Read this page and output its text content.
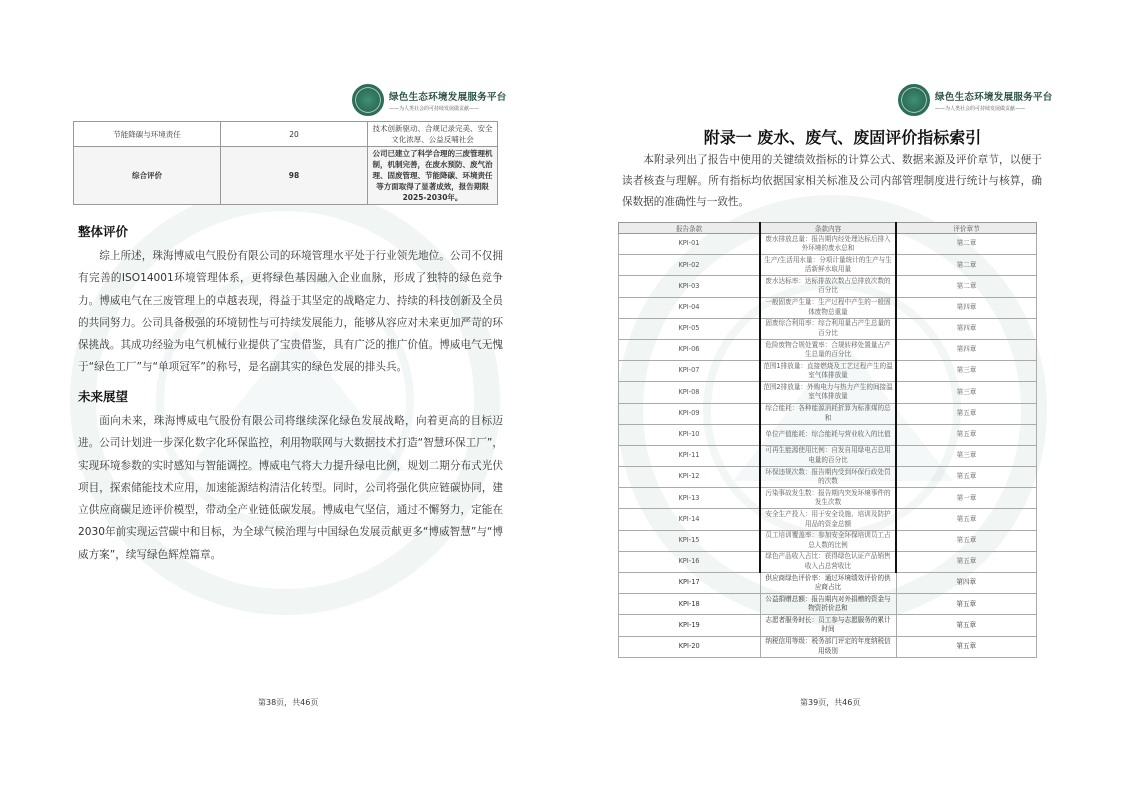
绿色生态环境发展服务平台
——为人类社会的可持续发展做贡献——
节能降碳与环境责任	20	技术创新驱动、合规记录完美、安全文化浓厚、公益反哺社会
综合评价	98	公司已建立了科学合理的三废管理机制，机制完善，在废水预防、废气治理、固废管理、节能降碳、环境责任等方面取得了显著成效，报告期限2025-2030年。
整体评价

综上所述，珠海博威电气股份有限公司的环境管理水平处于行业领先地位。公司不仅拥有完善的ISO14001环境管理体系，更将绿色基因融入企业血脉，形成了独特的绿色竞争力。博威电气在三废管理上的卓越表现，得益于其坚定的战略定力、持续的科技创新及全员的共同努力。公司具备极强的环境韧性与可持续发展能力，能够从容应对未来更加严苛的环保挑战。其成功经验为电气机械行业提供了宝贵借鉴，具有广泛的推广价值。博威电气无愧于“绿色工厂”与“单项冠军”的称号，是名副其实的绿色发展的排头兵。

未来展望

面向未来，珠海博威电气股份有限公司将继续深化绿色发展战略，向着更高的目标迈进。公司计划进一步深化数字化环保监控，利用物联网与大数据技术打造“智慧环保工厂”，实现环境参数的实时感知与智能调控。博威电气将大力提升绿电比例，规划二期分布式光伏项目，探索储能技术应用，加速能源结构清洁化转型。同时，公司将强化供应链碳协同，建立供应商碳足迹评价模型，带动全产业链低碳发展。博威电气坚信，通过不懈努力，定能在2030年前实现运营碳中和目标，为全球气候治理与中国绿色发展贡献更多“博威智慧”与“博威方案”，续写绿色辉煌篇章。

第38页，共46页
绿色生态环境发展服务平台
——为人类社会的可持续发展做贡献——
附录一 废水、废气、废固评价指标索引

本附录列出了报告中使用的关键绩效指标的计算公式、数据来源及评价章节，以便于读者核查与理解。所有指标均依据国家相关标准及公司内部管理制度进行统计与核算，确保数据的准确性与一致性。

报告条款	条款内容	评价章节
KPI-01	废水排放总量：报告期内经处理达标后排入外环境的废水总和	第二章
KPI-02	生产/生活用水量：分项计量统计的生产与生活新鲜水取用量	第二章
KPI-03	废水达标率：达标排放次数占总排放次数的百分比	第二章
KPI-04	一般固废产生量：生产过程中产生的一般固体废物总重量	第四章
KPI-05	固废综合利用率：综合利用量占产生总量的百分比	第四章
KPI-06	危险废物合规处置率：合规转移处置量占产生总量的百分比	第四章
KPI-07	范围1排放量：直接燃烧及工艺过程产生的温室气体排放量	第三章
KPI-08	范围2排放量：外购电力与热力产生的间接温室气体排放量	第三章
KPI-09	综合能耗：各种能源消耗折算为标准煤的总和	第五章
KPI-10	单位产值能耗：综合能耗与营业收入的比值	第五章
KPI-11	可再生能源使用比例：自发自用绿电占总用电量的百分比	第三章
KPI-12	环保违规次数：报告期内受到环保行政处罚的次数	第五章
KPI-13	污染事故发生数：报告期内突发环境事件的发生次数	第一章
KPI-14	安全生产投入：用于安全设施、培训及防护用品的资金总额	第五章
KPI-15	员工培训覆盖率：参加安全环保培训员工占总人数的比例	第五章
KPI-16	绿色产品收入占比：获得绿色认证产品销售收入占总营收比	第五章
KPI-17	供应商绿色评价率：通过环境绩效评价的供应商占比	第四章
KPI-18	公益捐赠总额：报告期内对外捐赠的资金与物资折价总和	第五章
KPI-19	志愿者服务时长：员工参与志愿服务的累计时间	第五章
KPI-20	纳税信用等级：税务部门评定的年度纳税信用级别	第五章
第39页，共46页
